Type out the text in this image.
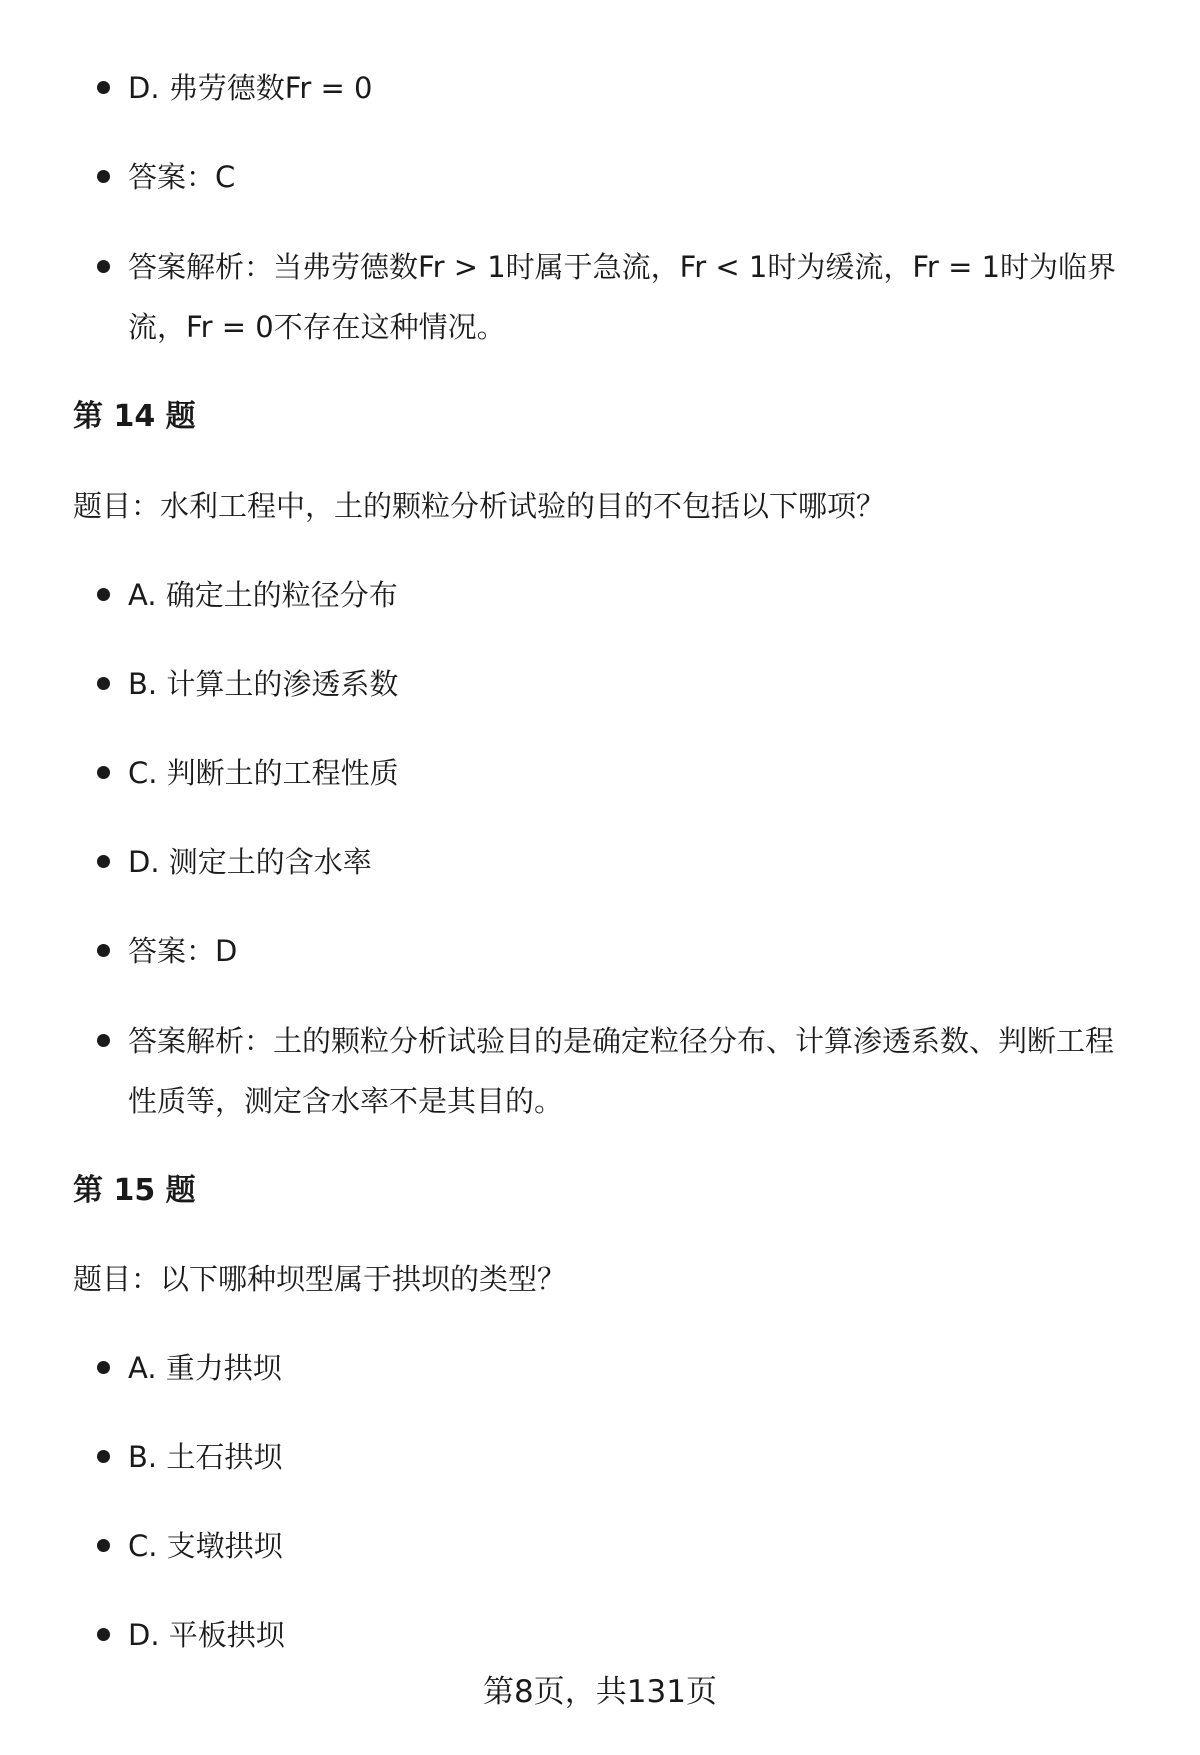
D. 弗劳德数Fr = 0
答案：C
答案解析：当弗劳德数Fr > 1时属于急流，Fr < 1时为缓流，Fr = 1时为临界流，Fr = 0不存在这种情况。
第 14 题
题目：水利工程中，土的颗粒分析试验的目的不包括以下哪项？
A. 确定土的粒径分布
B. 计算土的渗透系数
C. 判断土的工程性质
D. 测定土的含水率
答案：D
答案解析：土的颗粒分析试验目的是确定粒径分布、计算渗透系数、判断工程性质等，测定含水率不是其目的。
第 15 题
题目：以下哪种坝型属于拱坝的类型？
A. 重力拱坝
B. 土石拱坝
C. 支墩拱坝
D. 平板拱坝
第8页，共131页
